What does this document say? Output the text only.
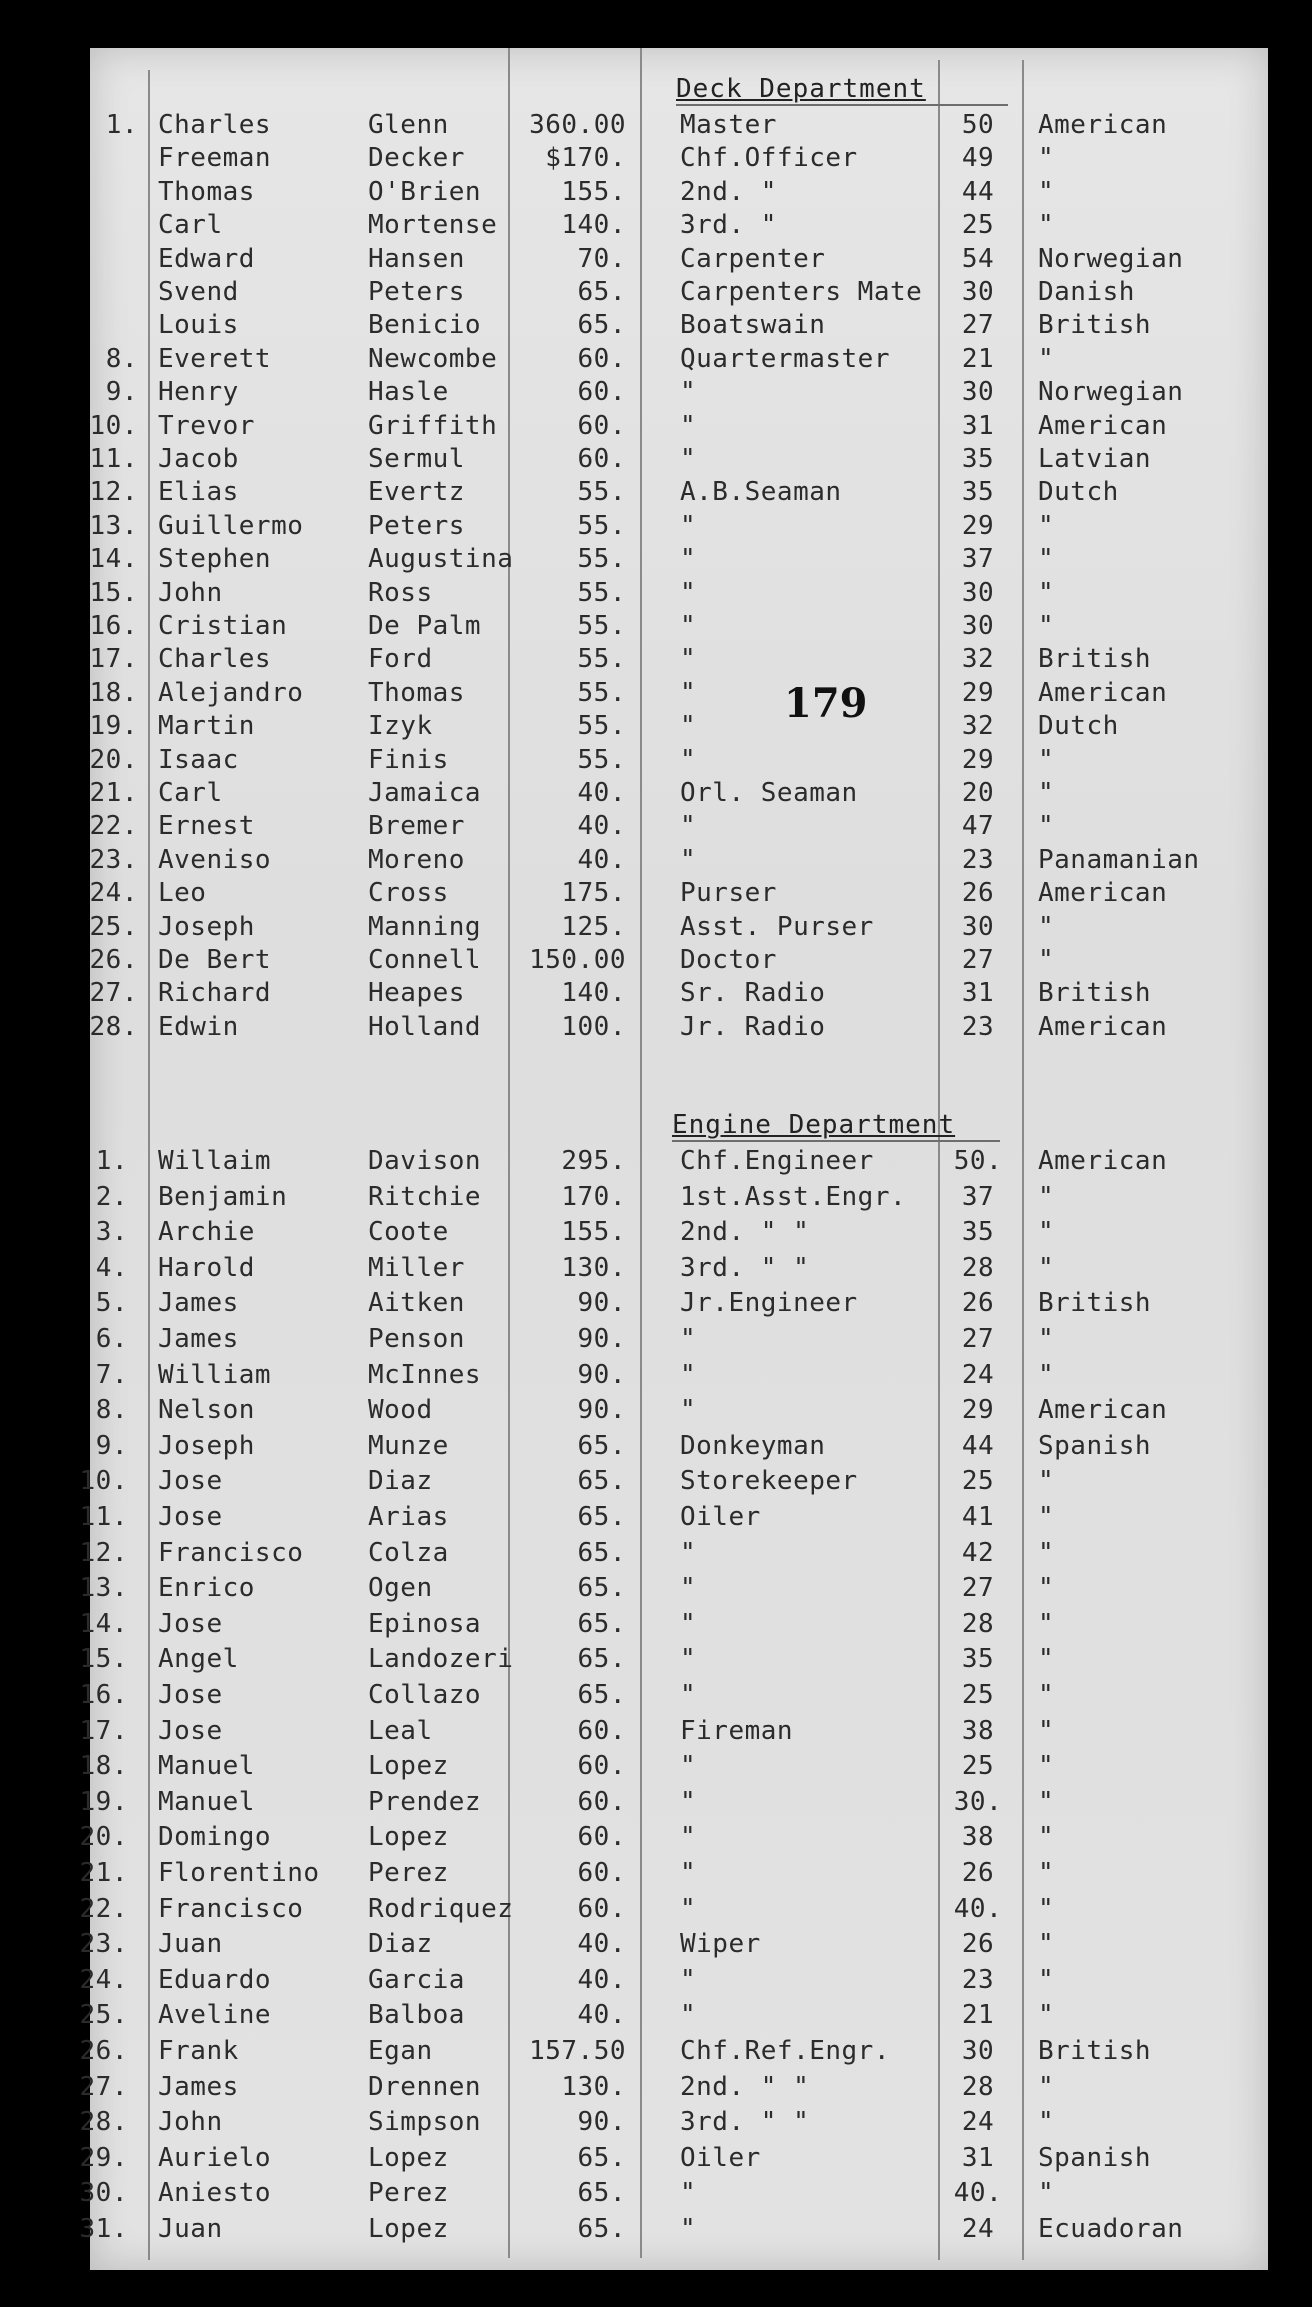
Deck Department
1. Charles	Glenn	360.00 Master	50	American
Freeman	Decker	$170. Chf.Officer	49	"
Thomas	O'Brien	155. 2nd. "	44	"
Carl	Mortense	140. 3rd. "	25	"
Edward	Hansen	70. Carpenter	54	Norwegian
Svend	Peters	65. Carpenters Mate	30	Danish
Louis	Benicio	65. Boatswain	27	British
8. Everett	Newcombe	60. Quartermaster	21	"
9. Henry	Hasle	60. "	30	Norwegian
10. Trevor	Griffith	60. "	31	American
11. Jacob	Sermul	60. "	35	Latvian
12. Elias	Evertz	55. A.B.Seaman	35	Dutch
13. Guillermo Peters	55. "	29	"
14. Stephen	Augustina	55. "	37	"
15. John	Ross	55. "	30	"
16. Cristian	De Palm	55. "	30	"
17. Charles	Ford	55. "	32	British
18. Alejandro Thomas	55. "	29	American
19. Martin	Izyk	55. "	32	Dutch
20. Isaac	Finis	55. "	29	"
21. Carl	Jamaica	40. Orl. Seaman	20	"
22. Ernest	Bremer	40. "	47	"
23. Aveniso	Moreno	40. "	23	Panamanian
24. Leo	Cross	175. Purser	26	American
25. Joseph	Manning	125. Asst. Purser	30	"
26. De Bert	Connell	150.00 Doctor	27	"
27. Richard	Heapes	140. Sr. Radio	31	British
28. Edwin	Holland	100. Jr. Radio	23	American
Engine Department
1. Willaim	Davison	295. Chf.Engineer	50. American
2. Benjamin	Ritchie	170. 1st.Asst.Engr.	37	"
3. Archie	Coote	155. 2nd. " "	35	"
4. Harold	Miller	130. 3rd. " "	28	"
5. James	Aitken	90. Jr.Engineer	26	British
6. James	Penson	90. "	27	"
7. William	McInnes	90. "	24	"
8. Nelson	Wood	90. "	29	American
9. Joseph	Munze	65. Donkeyman	44	Spanish
10. Jose	Diaz	65. Storekeeper	25	"
11. Jose	Arias	65. Oiler	41	"
12. Francisco Colza	65. "	42	"
13. Enrico	Ogen	65. "	27	"
14. Jose	Epinosa	65. "	28	"
15. Angel	Landozeri	65. "	35	"
16. Jose	Collazo	65. "	25	"
17. Jose	Leal	60. Fireman	38	"
18. Manuel	Lopez	60. "	25	"
19. Manuel	Prendez	60. "	30. "
20. Domingo	Lopez	60. "	38	"
21. Florentino Perez	60. "	26	"
22. Francisco Rodriquez	60. "	40. "
23. Juan	Diaz	40. Wiper	26	"
24. Eduardo	Garcia	40. "	23	"
25. Aveline	Balboa	40. "	21	"
26. Frank	Egan	157.50 Chf.Ref.Engr.	30	British
27. James	Drennen	130. 2nd. " "	28	"
28. John	Simpson	90. 3rd. " "	24	"
29. Aurielo	Lopez	65. Oiler	31	Spanish
30. Aniesto	Perez	65. "	40. "
31. Juan	Lopez	65. "	24	Ecuadoran
179
